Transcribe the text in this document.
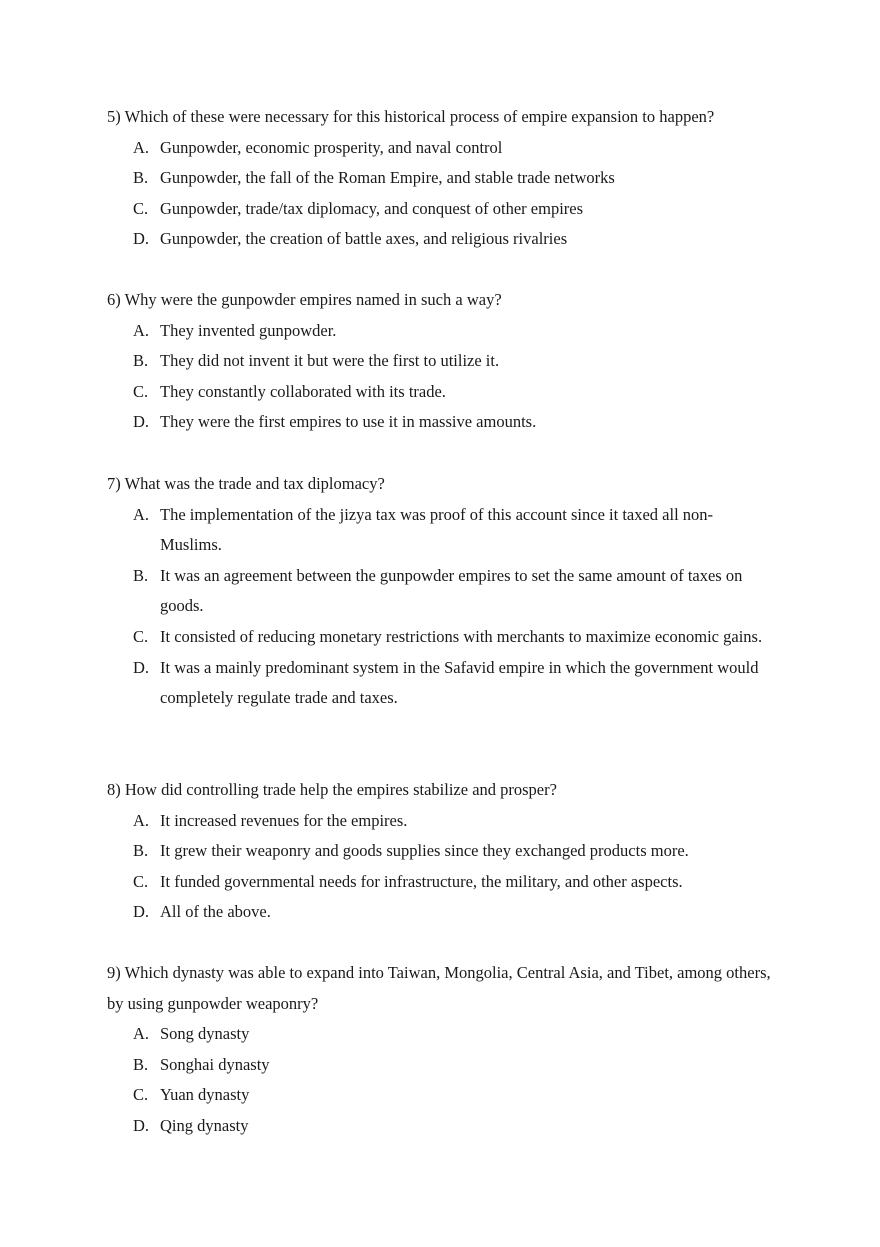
5) Which of these were necessary for this historical process of empire expansion to happen?
A. Gunpowder, economic prosperity, and naval control
B. Gunpowder, the fall of the Roman Empire, and stable trade networks
C. Gunpowder, trade/tax diplomacy, and conquest of other empires
D. Gunpowder, the creation of battle axes, and religious rivalries
6) Why were the gunpowder empires named in such a way?
A. They invented gunpowder.
B. They did not invent it but were the first to utilize it.
C. They constantly collaborated with its trade.
D. They were the first empires to use it in massive amounts.
7) What was the trade and tax diplomacy?
A. The implementation of the jizya tax was proof of this account since it taxed all non-Muslims.
B. It was an agreement between the gunpowder empires to set the same amount of taxes on goods.
C. It consisted of reducing monetary restrictions with merchants to maximize economic gains.
D. It was a mainly predominant system in the Safavid empire in which the government would completely regulate trade and taxes.
8) How did controlling trade help the empires stabilize and prosper?
A. It increased revenues for the empires.
B. It grew their weaponry and goods supplies since they exchanged products more.
C. It funded governmental needs for infrastructure, the military, and other aspects.
D. All of the above.
9) Which dynasty was able to expand into Taiwan, Mongolia, Central Asia, and Tibet, among others, by using gunpowder weaponry?
A. Song dynasty
B. Songhai dynasty
C. Yuan dynasty
D. Qing dynasty
